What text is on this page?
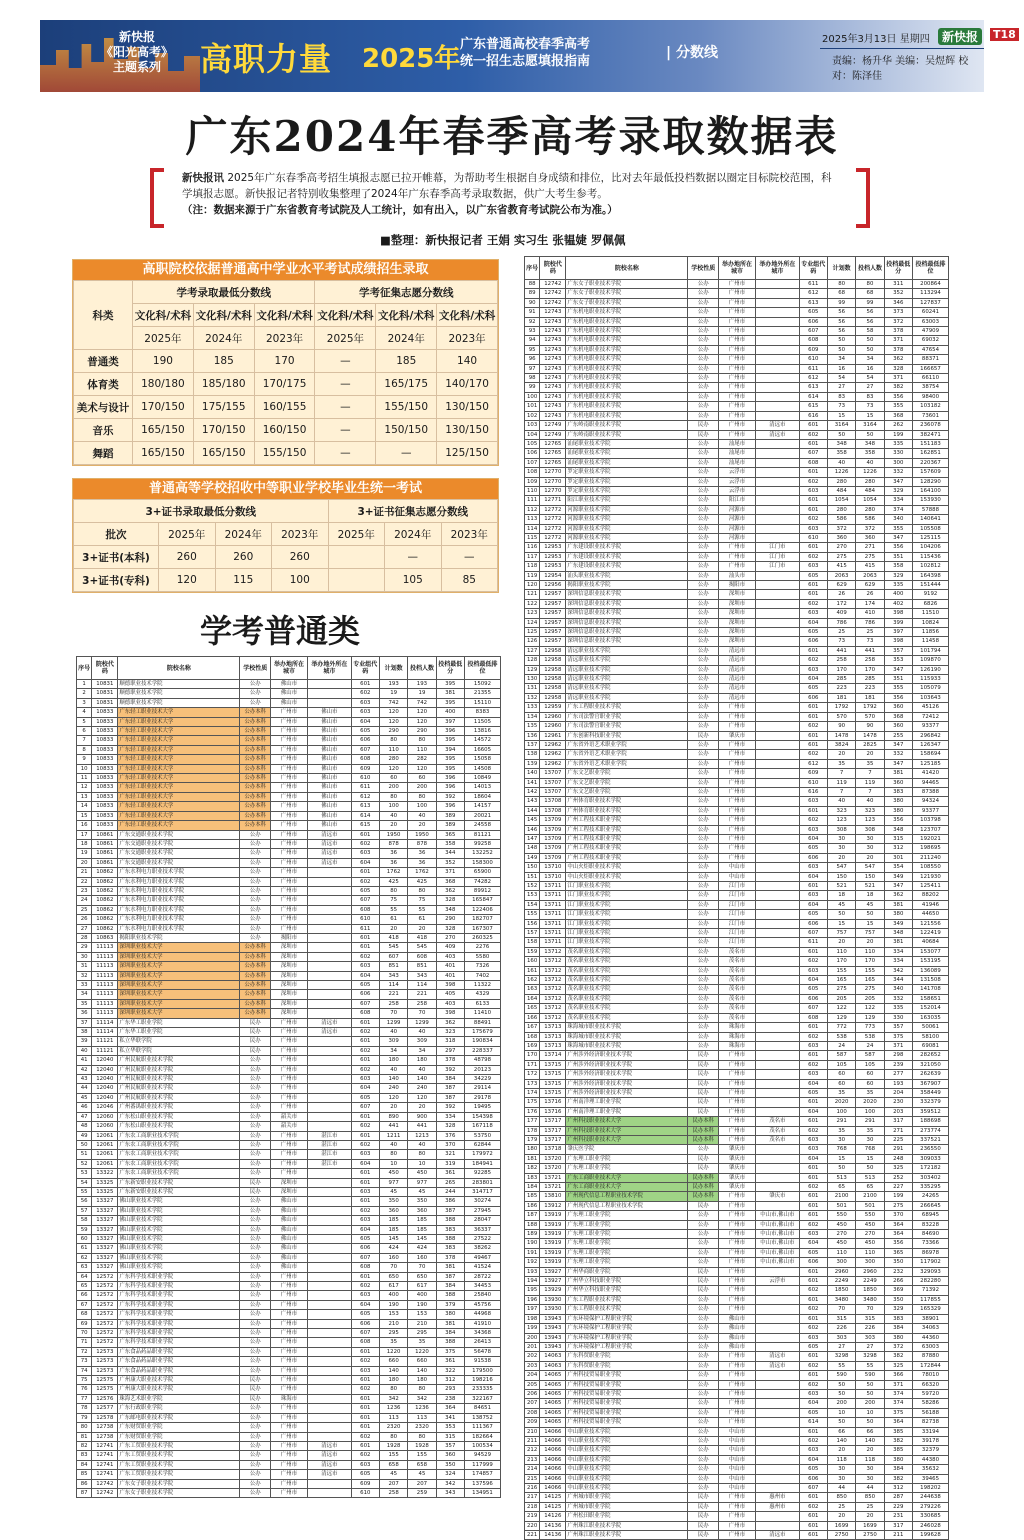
新快报
《阳光高考》
主题系列	高职力量 2025年 广东普通高校春季高考
统一招生志愿填报指南
| 分数线
2025年3月13日 星期四	新快报	T18
责编：杨升华 美编：吴煜辉 校对：陈泽佳
广东2024年春季高考录取数据表
新快报讯 2025年广东春季高考招生填报志愿已拉开帷幕，为帮助考生根据自身成绩和排位，比对去年最低投档数据以圈定目标院校范围，科学填报志愿。新快报记者特别收集整理了2024年广东春季高考录取数据，供广大考生参考。
（注：数据来源于广东省教育考试院及人工统计，如有出入，以广东省教育考试院公布为准。）
■整理：新快报记者 王娟 实习生 张韫婕 罗佩佩
高职院校依据普通高中学业水平考试成绩招生录取
科类	学考录取最低分数线			学考征集志愿分数线		
	文化科/术科	文化科/术科	文化科/术科	文化科/术科	文化科/术科	文化科/术科
	2025年	2024年	2023年	2025年	2024年	2023年
普通类	190	185	170	—	185	140
体育类	180/180	185/180	170/175	—	165/175	140/170
美术与设计	170/150	175/155	160/155	—	155/150	130/150
音乐	165/150	170/150	160/150	—	150/150	130/150
舞蹈	165/150	165/150	155/150	—	—	125/150
普通高等学校招收中等职业学校毕业生统一考试
3+证书录取最低分数线				3+证书征集志愿分数线		
批次	2025年	2024年	2023年	2025年	2024年	2023年
3+证书(本科)	260	260	260		—	—
3+证书(专科)	120	115	100		105	85
学考普通类
序号	院校代码	院校名称	学校性质	举办地所在城市	举办地外所在城市	专业组代码	计划数	投档人数	投档最低分	投档最低排位
1	10831	顺德职业技术学院	公办	佛山市		601	193	193	395	15092
2	10831	顺德职业技术学院	公办	佛山市		602	19	19	381	21355
3	10831	顺德职业技术学院	公办	佛山市		603	742	742	395	15110
4	10833	广东轻工职业技术大学	公办本科	广州市	佛山市	603	120	120	400	8383
5	10833	广东轻工职业技术大学	公办本科	广州市	佛山市	604	120	120	397	11505
6	10833	广东轻工职业技术大学	公办本科	广州市	佛山市	605	290	290	396	13816
7	10833	广东轻工职业技术大学	公办本科	广州市	佛山市	606	80	80	395	14572
8	10833	广东轻工职业技术大学	公办本科	广州市	佛山市	607	110	110	394	16605
9	10833	广东轻工职业技术大学	公办本科	广州市	佛山市	608	280	282	395	15058
10	10833	广东轻工职业技术大学	公办本科	广州市	佛山市	609	120	120	395	14508
11	10833	广东轻工职业技术大学	公办本科	广州市	佛山市	610	60	60	396	10849
12	10833	广东轻工职业技术大学	公办本科	广州市	佛山市	611	200	200	396	14013
13	10833	广东轻工职业技术大学	公办本科	广州市	佛山市	612	80	80	392	18604
14	10833	广东轻工职业技术大学	公办本科	广州市	佛山市	613	100	100	396	14157
15	10833	广东轻工职业技术大学	公办本科	广州市	佛山市	614	40	40	389	20021
16	10833	广东轻工职业技术大学	公办本科	广州市	佛山市	615	20	20	389	24558
17	10861	广东交通职业技术学院	公办	广州市	清远市	601	1950	1950	365	81121
18	10861	广东交通职业技术学院	公办	广州市	清远市	602	878	878	358	99258
19	10861	广东交通职业技术学院	公办	广州市	清远市	603	36	36	344	132252
20	10861	广东交通职业技术学院	公办	广州市	清远市	604	36	36	352	158300
21	10862	广东水利电力职业技术学院	公办	广州市		601	1762	1762	371	65900
22	10862	广东水利电力职业技术学院	公办	广州市		602	425	425	368	74282
23	10862	广东水利电力职业技术学院	公办	广州市		605	80	80	362	89912
24	10862	广东水利电力职业技术学院	公办	广州市		607	75	75	328	165847
25	10862	广东水利电力职业技术学院	公办	广州市		608	55	55	348	122406
26	10862	广东水利电力职业技术学院	公办	广州市		610	61	61	290	182707
27	10862	广东水利电力职业技术学院	公办	广州市		611	20	20	328	167307
28	10863	揭阳职业技术学院	公办	揭阳市		601	418	418	270	260325
29	11113	深圳职业技术大学	公办本科	深圳市		601	545	545	409	2276
30	11113	深圳职业技术大学	公办本科	深圳市		602	607	608	403	5580
31	11113	深圳职业技术大学	公办本科	深圳市		603	851	851	401	7326
32	11113	深圳职业技术大学	公办本科	深圳市		604	343	343	401	7402
33	11113	深圳职业技术大学	公办本科	深圳市		605	114	114	398	11322
34	11113	深圳职业技术大学	公办本科	深圳市		606	221	221	405	4329
35	11113	深圳职业技术大学	公办本科	深圳市		607	258	258	403	6133
36	11113	深圳职业技术大学	公办本科	深圳市		608	70	70	398	11410
37	11114	广东华工职业学院	民办	广州市	清远市	601	1299	1299	362	88491
38	11114	广东华工职业学院	民办	广州市	清远市	602	40	40	323	175679
39	11121	私立华联学院	民办	广州市		601	309	309	318	190834
40	11121	私立华联学院	民办	广州市		602	34	34	297	228337
41	12040	广州民航职业技术学院	公办	广州市		601	180	180	378	48798
42	12040	广州民航职业技术学院	公办	广州市		602	40	40	392	20123
43	12040	广州民航职业技术学院	公办	广州市		603	140	140	384	34229
44	12040	广州民航职业技术学院	公办	广州市		604	240	240	387	29114
45	12040	广州民航职业技术学院	公办	广州市		605	120	120	387	29178
46	12046	广州番禺职业技术学院	公办	广州市		607	20	20	392	19495
47	12060	广东松山职业技术学院	公办	韶关市		601	890	900	334	154398
48	12060	广东松山职业技术学院	公办	韶关市		602	441	441	328	167118
49	12061	广东农工商职业技术学院	公办	广州市	湛江市	601	1211	1213	376	53750
50	12061	广东农工商职业技术学院	公办	广州市	湛江市	602	40	40	370	62844
51	12061	广东农工商职业技术学院	公办	广州市	湛江市	603	80	80	321	179972
52	12061	广东农工商职业技术学院	公办	广州市	湛江市	604	10	10	319	184941
53	13322	广东农工商职业技术学院	公办	广州市		601	450	450	361	92285
54	13325	广东新安职业技术学院	民办	深圳市		601	977	977	265	283801
55	13325	广东新安职业技术学院	民办	深圳市		603	45	45	244	314717
56	13327	佛山职业技术学院	公办	佛山市		601	350	350	386	30274
57	13327	佛山职业技术学院	公办	佛山市		602	360	360	387	27945
58	13327	佛山职业技术学院	公办	佛山市		603	185	185	388	28047
59	13327	佛山职业技术学院	公办	佛山市		604	185	185	383	36337
60	13327	佛山职业技术学院	公办	佛山市		605	145	145	388	27522
61	13327	佛山职业技术学院	公办	佛山市		606	424	424	383	38262
62	13327	佛山职业技术学院	公办	佛山市		607	160	160	378	49467
63	13327	佛山职业技术学院	公办	佛山市		608	70	70	381	41524
64	12572	广东科学技术职业学院	公办	广州市		601	650	650	387	28722
65	12572	广东科学技术职业学院	公办	广州市		602	617	617	384	34453
66	12572	广东科学技术职业学院	公办	广州市		603	400	400	388	25840
67	12572	广东科学技术职业学院	公办	广州市		604	190	190	379	45756
68	12572	广东科学技术职业学院	公办	广州市		605	153	153	380	44968
69	12572	广东科学技术职业学院	公办	广州市		606	210	210	381	41910
70	12572	广东科学技术职业学院	公办	广州市		607	295	295	384	34368
71	12572	广东科学技术职业学院	公办	广州市		608	35	35	388	26413
72	12573	广东食品药品职业学院	公办	广州市		601	1220	1220	375	56478
73	12573	广东食品药品职业学院	公办	广州市		602	660	660	361	91538
74	12573	广东食品药品职业学院	公办	广州市		603	140	140	322	179500
75	12575	广州康大职业技术学院	民办	广州市		601	180	180	312	198216
76	12575	广州康大职业技术学院	民办	广州市		602	80	80	293	233335
77	12576	珠海艺术职业学院	民办	珠海市		601	342	342	238	322167
78	12577	广东行政职业学院	公办	广州市		601	1236	1236	364	84651
79	12578	广东邮电职业技术学院	公办	广州市		601	113	113	341	138752
80	12738	广东财贸职业学院	公办	广州市		601	2320	2320	353	111367
81	12738	广东财贸职业学院	公办	广州市		602	80	80	315	182664
82	12741	广东工贸职业技术学院	公办	广州市	清远市	601	1928	1928	357	100534
83	12741	广东工贸职业技术学院	公办	广州市	清远市	602	155	155	360	94529
84	12741	广东工贸职业技术学院	公办	广州市	清远市	603	658	658	350	117999
85	12741	广东工贸职业技术学院	公办	广州市	清远市	605	45	45	324	174857
86	12742	广东女子职业技术学院	公办	广州市		609	207	207	342	137596
87	12742	广东女子职业技术学院	公办	广州市		610	258	259	343	134951
序号	院校代码	院校名称	学校性质	举办地所在城市	举办地外所在城市	专业组代码	计划数	投档人数	投档最低分	投档最低排位
88	12742	广东女子职业技术学院	公办	广州市		611	80	80	311	200864
89	12742	广东女子职业技术学院	公办	广州市		612	68	68	352	113294
90	12742	广东女子职业技术学院	公办	广州市		613	99	99	346	127837
91	12743	广东机电职业技术学院	公办	广州市		605	56	56	373	60241
92	12743	广东机电职业技术学院	公办	广州市		606	56	56	372	63003
93	12743	广东机电职业技术学院	公办	广州市		607	56	58	378	47909
94	12743	广东机电职业技术学院	公办	广州市		608	50	50	371	69032
95	12743	广东机电职业技术学院	公办	广州市		609	50	50	378	47654
96	12743	广东机电职业技术学院	公办	广州市		610	34	34	362	88371
97	12743	广东机电职业技术学院	公办	广州市		611	16	16	328	166657
98	12743	广东机电职业技术学院	公办	广州市		612	54	54	371	66110
99	12743	广东机电职业技术学院	公办	广州市		613	27	27	382	38754
100	12743	广东机电职业技术学院	公办	广州市		614	83	83	356	98400
101	12743	广东机电职业技术学院	公办	广州市		615	73	73	355	103182
102	12743	广东机电职业技术学院	公办	广州市		616	15	15	368	73601
103	12749	广东岭南职业技术学院	民办	广州市	清远市	601	3164	3164	262	236078
104	12749	广东岭南职业技术学院	民办	广州市	清远市	602	50	50	199	382471
105	12765	汕尾职业技术学院	公办	汕尾市		601	348	348	335	151183
106	12765	汕尾职业技术学院	公办	汕尾市		607	358	358	330	162851
107	12765	汕尾职业技术学院	公办	汕尾市		608	40	40	300	220367
108	12770	罗定职业技术学院	公办	云浮市		601	1226	1226	332	157609
109	12770	罗定职业技术学院	公办	云浮市		602	280	280	347	128290
110	12770	罗定职业技术学院	公办	云浮市		603	484	484	329	164100
111	12771	阳江职业技术学院	公办	阳江市		601	1054	1054	334	153930
112	12772	河源职业技术学院	公办	河源市		601	280	280	374	57888
113	12772	河源职业技术学院	公办	河源市		602	586	586	340	140641
114	12772	河源职业技术学院	公办	河源市		603	372	372	355	105508
115	12772	河源职业技术学院	公办	河源市		610	360	360	347	125115
116	12953	广东建设职业技术学院	公办	广州市	江门市	601	270	271	356	104206
117	12953	广东建设职业技术学院	公办	广州市	江门市	602	275	275	351	115436
118	12953	广东建设职业技术学院	公办	广州市	江门市	603	415	415	358	102812
119	12954	汕头职业技术学院	公办	汕头市		605	2063	2063	329	164398
120	12956	揭阳职业技术学院	公办	揭阳市		601	629	629	335	151444
121	12957	深圳信息职业技术学院	公办	深圳市		601	26	26	400	9192
122	12957	深圳信息职业技术学院	公办	深圳市		602	172	174	402	6826
123	12957	深圳信息职业技术学院	公办	深圳市		603	409	410	398	11510
124	12957	深圳信息职业技术学院	公办	深圳市		604	786	786	399	10824
125	12957	深圳信息职业技术学院	公办	深圳市		605	25	25	397	11856
126	12957	深圳信息职业技术学院	公办	深圳市		606	73	73	398	11458
127	12958	清远职业技术学院	公办	清远市		601	441	441	357	101794
128	12958	清远职业技术学院	公办	清远市		602	258	258	353	109870
129	12958	清远职业技术学院	公办	清远市		603	170	170	347	126190
130	12958	清远职业技术学院	公办	清远市		604	285	285	351	115933
131	12958	清远职业技术学院	公办	清远市		605	223	223	355	105079
132	12958	清远职业技术学院	公办	清远市		606	181	181	356	103643
133	12959	广东工程职业技术学院	公办	广州市		601	1792	1792	360	45126
134	12960	广东司法警官职业学院	公办	广州市		601	570	570	368	72412
135	12960	广东司法警官职业学院	公办	广州市		602	90	90	360	93377
136	12961	广东创新科技职业学院	民办	肇庆市		601	1478	1478	255	296842
137	12962	广东省外语艺术职业学院	公办	广州市		601	3824	2825	347	126347
138	12962	广东省外语艺术职业学院	公办	广州市		602	20	20	332	158694
139	12962	广东省外语艺术职业学院	公办	广州市		612	35	35	347	125185
140	13707	广东文艺职业学院	公办	广州市		609	7	7	381	41420
141	13707	广东文艺职业学院	公办	广州市		610	119	119	360	94465
142	13707	广东文艺职业学院	公办	广州市		616	7	7	383	87388
143	13708	广州体育职业技术学院	公办	广州市		603	40	40	380	94324
144	13708	广州体育职业技术学院	公办	广州市		601	323	323	380	93377
145	13709	广州工程技术职业学院	公办	广州市		602	123	123	356	103798
146	13709	广州工程技术职业学院	公办	广州市		603	308	308	348	123707
147	13709	广州工程技术职业学院	公办	广州市		604	30	30	315	192021
148	13709	广州工程技术职业学院	公办	广州市		605	30	30	312	198695
149	13709	广州工程技术职业学院	公办	广州市		606	20	20	301	211240
150	13710	中山火炬职业技术学院	公办	中山市		603	547	547	354	108550
151	13710	中山火炬职业技术学院	公办	中山市		604	150	150	349	121930
152	13711	江门职业技术学院	公办	江门市		601	521	521	347	125411
153	13711	江门职业技术学院	公办	江门市		603	18	18	362	88202
154	13711	江门职业技术学院	公办	江门市		604	45	45	381	41946
155	13711	江门职业技术学院	公办	江门市		605	50	50	380	44650
156	13711	江门职业技术学院	公办	江门市		606	15	15	349	121556
157	13711	江门职业技术学院	公办	江门市		607	757	757	348	122419
158	13711	江门职业技术学院	公办	江门市		611	20	20	381	40684
159	13712	茂名职业技术学院	公办	茂名市		601	110	110	334	153077
160	13712	茂名职业技术学院	公办	茂名市		602	170	170	334	153195
161	13712	茂名职业技术学院	公办	茂名市		603	155	155	342	136089
162	13712	茂名职业技术学院	公办	茂名市		604	165	165	344	131508
163	13712	茂名职业技术学院	公办	茂名市		605	275	275	340	141708
164	13712	茂名职业技术学院	公办	茂名市		606	205	205	332	158651
165	13712	茂名职业技术学院	公办	茂名市		607	122	122	335	152014
166	13712	茂名职业技术学院	公办	茂名市		608	129	129	330	163035
167	13713	珠海城市职业技术学院	公办	珠海市		601	772	773	357	50061
168	13713	珠海城市职业技术学院	公办	珠海市		602	538	538	375	58100
169	13713	珠海城市职业技术学院	公办	珠海市		603	24	24	371	69081
170	13714	广州涉外经济职业技术学院	民办	广州市		601	587	587	298	282652
171	13715	广州涉外经济职业技术学院	民办	广州市		602	105	105	239	321050
172	13715	广州涉外经济职业技术学院	民办	广州市		603	60	60	277	262639
173	13715	广州涉外经济职业技术学院	民办	广州市		604	60	60	193	367907
174	13715	广州涉外经济职业技术学院	民办	广州市		605	35	35	204	358449
175	13716	广州南洋理工职业学院	民办	广州市		601	2020	2020	230	332379
176	13716	广州南洋理工职业学院	民办	广州市		604	100	100	203	359512
177	13717	广州科技职业技术大学	民办本科	广州市	茂名市	601	291	291	317	188698
178	13717	广州科技职业技术大学	民办本科	广州市	茂名市	602	35	35	271	273774
179	13717	广州科技职业技术大学	民办本科	广州市	茂名市	603	30	30	225	337521
180	13718	肇庆医学院	公办	肇庆市		603	768	768	291	236550
181	13720	广东理工职业学院	民办	肇庆市		604	15	15	248	309033
182	13720	广东理工职业学院	民办	肇庆市		601	50	50	325	172182
183	13721	广东工商职业技术大学	民办本科	肇庆市		601	513	513	252	303402
184	13721	广东工商职业技术大学	民办本科	肇庆市		602	65	65	227	335295
185	13810	广州现代信息工程职业技术学院	民办本科	广州市	肇庆市	601	2100	2100	199	24265
186	13912	广州现代信息工程职业技术学院	民办	广州市		601	501	501	275	266645
187	13919	广东理工职业学院	公办	广州市	中山市,佛山市	601	550	550	370	68945
188	13919	广东理工职业学院	公办	广州市	中山市,佛山市	602	450	450	364	83228
189	13919	广东理工职业学院	公办	广州市	中山市,佛山市	603	270	270	364	84690
190	13919	广东理工职业学院	公办	广州市	中山市,佛山市	604	450	450	356	73366
191	13919	广东理工职业学院	公办	广州市	中山市,佛山市	605	110	110	365	86978
192	13919	广东理工职业学院	公办	广州市	中山市,佛山市	606	300	300	350	117902
193	13927	广州华商职业学院	民办	广州市		601	2960	2960	232	329093
194	13927	广州华立科技职业学院	民办	广州市	云浮市	601	2249	2249	266	282280
195	13929	广州华立科技职业学院	民办	广州市		602	1850	1850	369	71392
196	13930	广东工程职业技术学院	公办	广州市		601	3480	3480	350	117855
197	13930	广东工程职业技术学院	公办	广州市		602	70	70	329	165329
198	13943	广东环境保护工程职业学院	公办	佛山市		601	315	315	383	38901
199	13943	广东环境保护工程职业学院	公办	佛山市		602	226	226	384	34063
200	13943	广东环境保护工程职业学院	公办	佛山市		603	303	303	380	44360
201	13943	广东环境保护工程职业学院	公办	佛山市		605	27	27	372	63003
202	14063	广东科贸职业学院	公办	广州市	清远市	601	3298	3298	382	87880
203	14063	广东科贸职业学院	公办	广州市	清远市	602	55	55	325	172844
204	14065	广州科技贸易职业学院	公办	广州市		601	590	590	366	78010
205	14065	广州科技贸易职业学院	公办	广州市		602	50	50	371	66320
206	14065	广州科技贸易职业学院	公办	广州市		603	50	50	374	59720
207	14065	广州科技贸易职业学院	公办	广州市		604	200	200	374	58286
208	14065	广州科技贸易职业学院	公办	广州市		605	10	10	375	56188
209	14065	广州科技贸易职业学院	公办	广州市		614	50	50	364	82738
210	14066	中山职业技术学院	公办	中山市		601	66	66	385	33194
211	14066	中山职业技术学院	公办	中山市		602	140	140	382	39178
212	14066	中山职业技术学院	公办	中山市		603	20	20	385	32379
213	14066	中山职业技术学院	公办	中山市		604	118	118	380	44380
214	14066	中山职业技术学院	公办	中山市		605	30	30	384	35632
215	14066	中山职业技术学院	公办	中山市		606	30	30	382	39465
216	14066	中山职业技术学院	公办	中山市		607	44	44	312	198202
217	14125	广州城市职业学院	民办	广州市	惠州市	601	850	850	287	244638
218	14125	广州城市职业学院	民办	广州市	惠州市	602	25	25	229	279226
219	14126	广州松田职业学院	民办	广州市		601	20	20	231	330685
220	14136	广州珠江职业技术学院	民办	广州市		601	1699	1699	317	246028
221	14136	广州珠江职业技术学院	民办	广州市	清远市	601	2750	2750	211	199628
